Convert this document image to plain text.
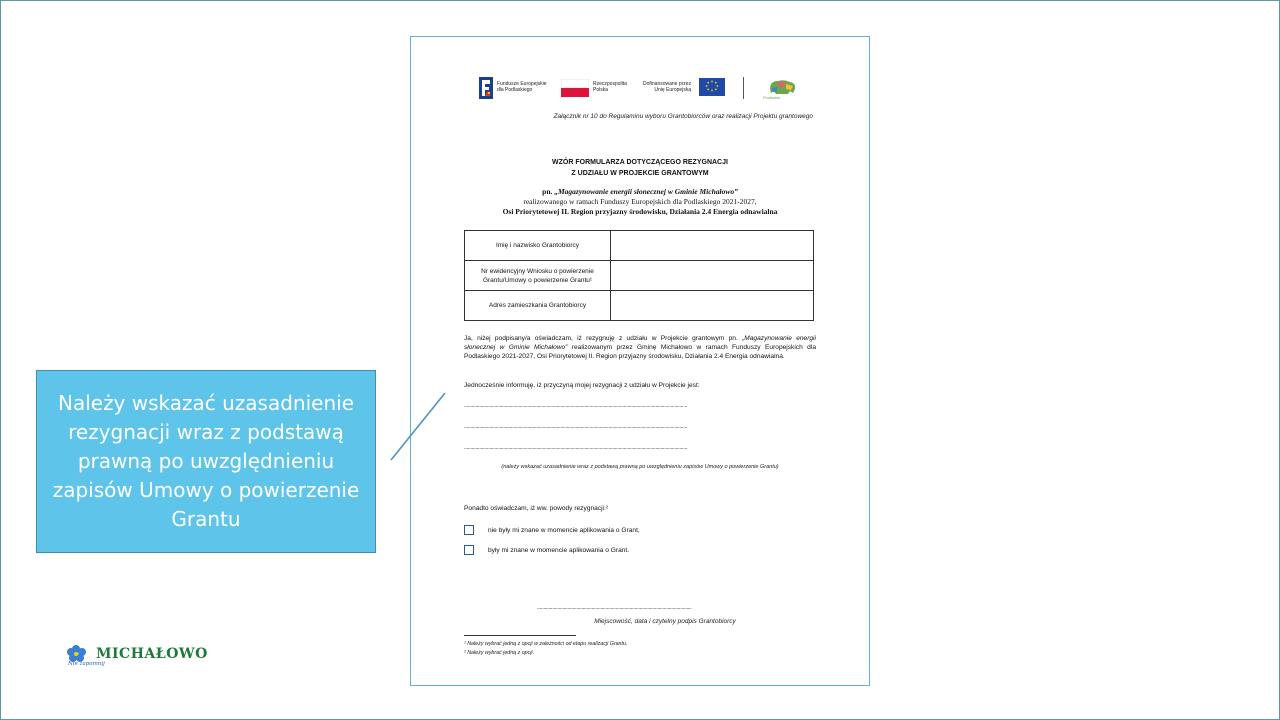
Fundusze Europejskie
dla Podlaskiego
Rzeczpospolita
Polska
Dofinansowane przez
Unię Europejską
Podlaskie
Załącznik nr 10 do Regulaminu wyboru Grantobiorców oraz realizacji Projektu grantowego
WZÓR FORMULARZA DOTYCZĄCEGO REZYGNACJI
Z UDZIAŁU W PROJEKCIE GRANTOWYM
pn. „Magazynowanie energii słonecznej w Gminie Michałowo”
realizowanego w ramach Funduszy Europejskich dla Podlaskiego 2021-2027,
Osi Priorytetowej II. Region przyjazny środowisku, Działania 2.4 Energia odnawialna
Imię i nazwisko Grantobiorcy	
Nr ewidencyjny Wniosku o powierzenie Grantu/Umowy o powierzenie Grantu¹	
Adres zamieszkania Grantobiorcy	
Ja, niżej podpisany/a oświadczam, iż rezygnuję z udziału w Projekcie grantowym pn. „Magazynowanie energii słonecznej w Gminie Michałowo” realizowanym przez Gminę Michałowo w ramach Funduszy Europejskich dla Podlaskiego 2021-2027, Osi Priorytetowej II. Region przyjazny środowisku, Działania 2.4 Energia odnawialna.
Jednocześnie informuję, iż przyczyną mojej rezygnacji z udziału w Projekcie jest:
................................................................................................................................................................................
................................................................................................................................................................................
................................................................................................................................................................................
(należy wskazać uzasadnienie wraz z podstawą prawną po uwzględnieniu zapisów Umowy o powierzenie Grantu)
Ponadto oświadczam, iż ww. powody rezygnacji:²
nie były mi znane w momencie aplikowania o Grant,
były mi znane w momencie aplikowania o Grant.
..........................................................................................................................
Miejscowość, data i czytelny podpis Grantobiorcy
¹ Należy wybrać jedną z opcji w zależności od etapu realizacji Grantu.
² Należy wybrać jedną z opcji.
Należy wskazać uzasadnienie rezygnacji wraz z podstawą prawną po uwzględnieniu zapisów Umowy o powierzenie Grantu
MICHAŁOWO
Nie zapomnij
